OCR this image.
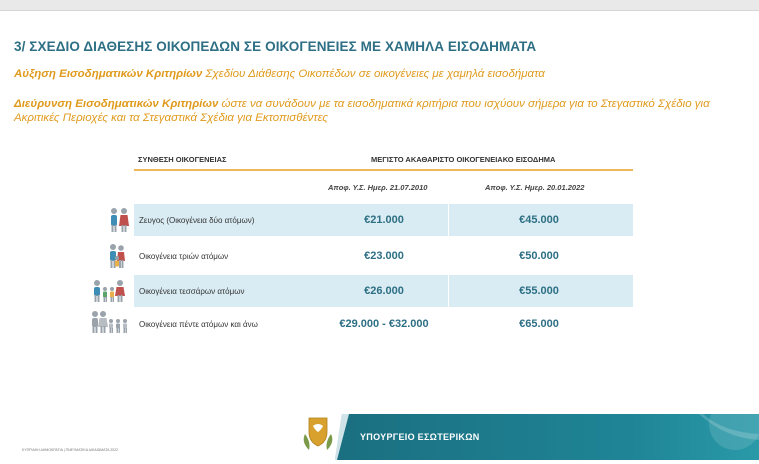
3/ ΣΧΕΔΙΟ ΔΙΑΘΕΣΗΣ ΟΙΚΟΠΕΔΩΝ ΣΕ ΟΙΚΟΓΕΝΕΙΕΣ ΜΕ ΧΑΜΗΛΑ ΕΙΣΟΔΗΜΑΤΑ
Αύξηση Εισοδηματικών Κριτηρίων Σχεδίου Διάθεσης Οικοπέδων σε οικογένειες με χαμηλά εισοδήματα
Διεύρυνση Εισοδηματικών Κριτηρίων ώστε να συνάδουν με τα εισοδηματικά κριτήρια που ισχύουν σήμερα για το Στεγαστικό Σχέδιο για Ακριτικές Περιοχές και τα Στεγαστικά Σχέδια για Εκτοπισθέντες
ΣΥΝΘΕΣΗ ΟΙΚΟΓΕΝΕΙΑΣ	ΜΕΓΙΣΤΟ ΑΚΑΘΑΡΙΣΤΟ ΟΙΚΟΓΕΝΕΙΑΚΟ ΕΙΣΟΔΗΜΑ
Αποφ. Υ.Σ. Ημερ. 21.07.2010	Αποφ. Υ.Σ. Ημερ. 20.01.2022
Ζευγος (Οικογένεια δύο ατόμων)	€21.000	€45.000
Οικογένεια τριών ατόμων	€23.000	€50.000
Οικογένεια τεσσάρων ατόμων	€26.000	€55.000
Οικογένεια πέντε ατόμων και άνω	€29.000 - €32.000	€65.000
ΚΥΠΡΙΑΚΗ ΔΗΜΟΚΡΑΤΙΑ | ΠΝΕΥΜΑΤΙΚΑ ΔΙΚΑΙΩΜΑΤΑ 2022
ΥΠΟΥΡΓΕΙΟ ΕΣΩΤΕΡΙΚΩΝ
